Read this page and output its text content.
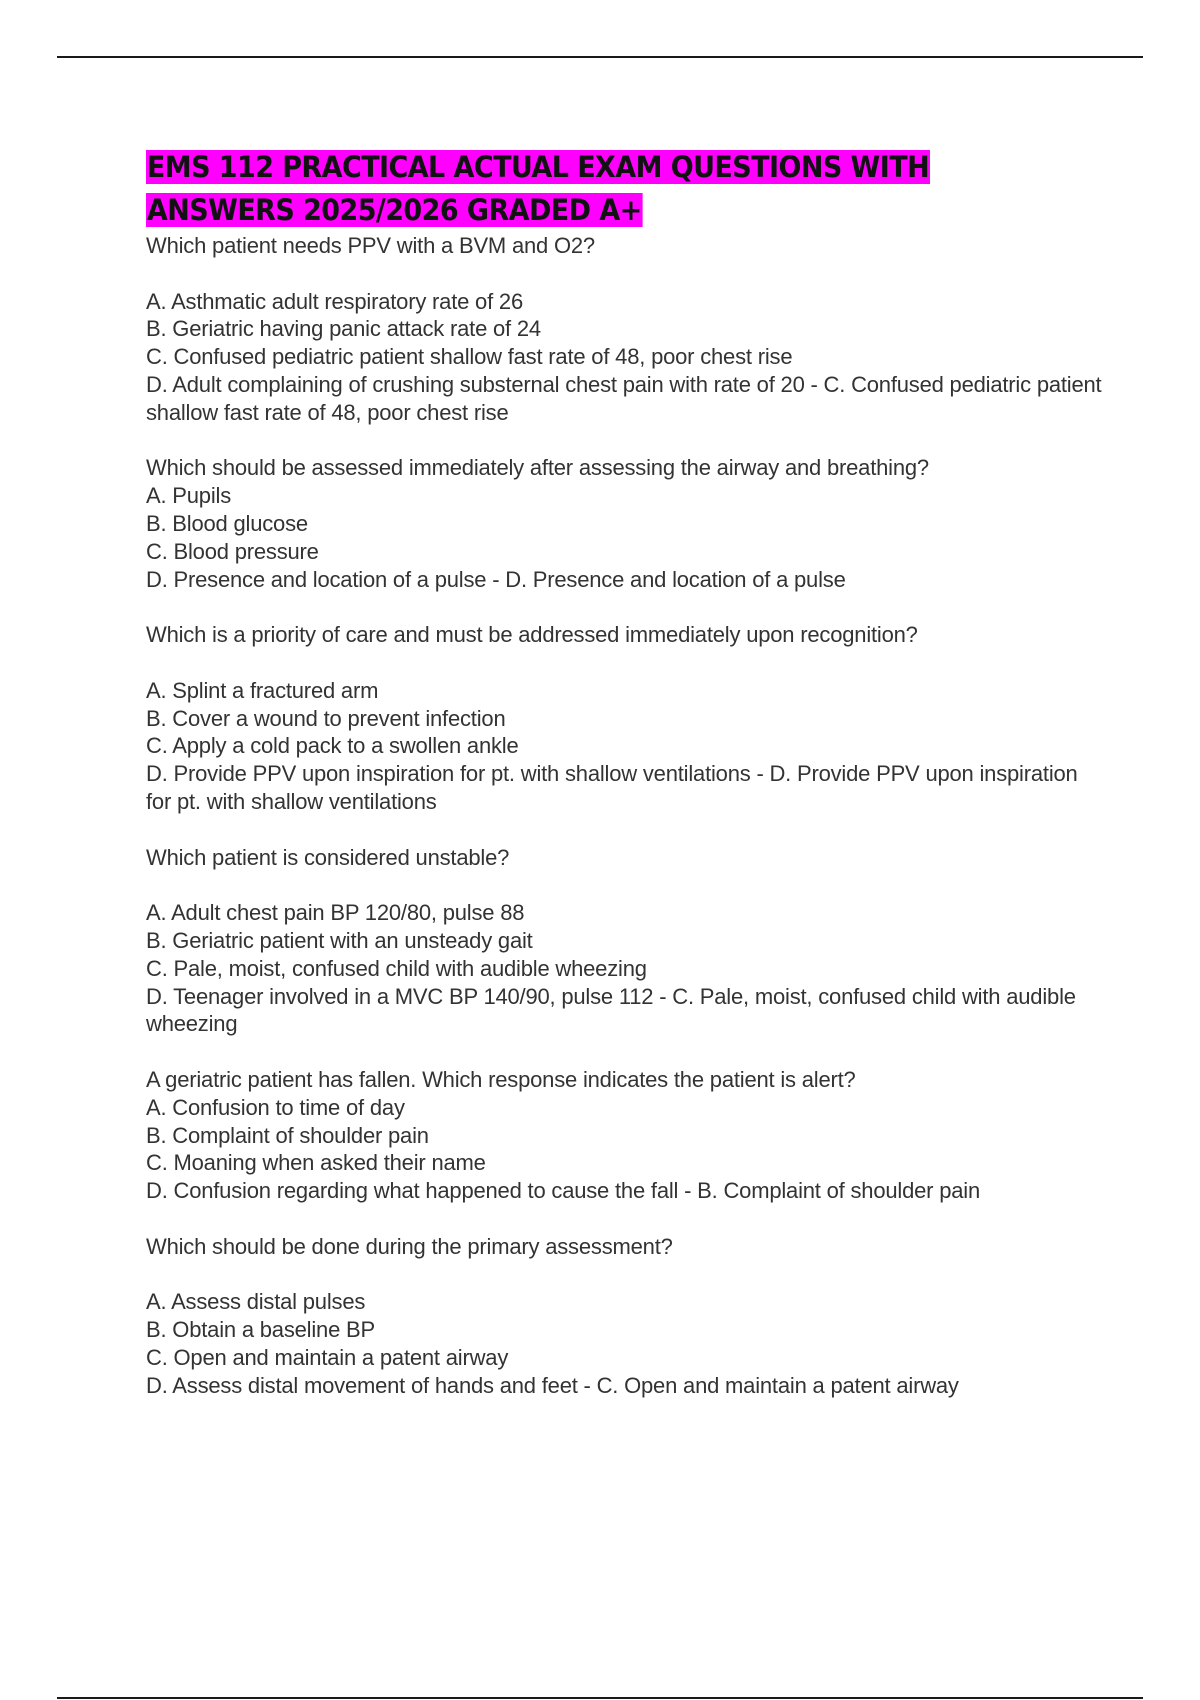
EMS 112 PRACTICAL ACTUAL EXAM QUESTIONS WITH
ANSWERS 2025/2026 GRADED A+

Which patient needs PPV with a BVM and O2?

A. Asthmatic adult respiratory rate of 26

B. Geriatric having panic attack rate of 24

C. Confused pediatric patient shallow fast rate of 48, poor chest rise

D. Adult complaining of crushing substernal chest pain with rate of 20 - C. Confused pediatric patient shallow fast rate of 48, poor chest rise

Which should be assessed immediately after assessing the airway and breathing?

A. Pupils

B. Blood glucose

C. Blood pressure

D. Presence and location of a pulse - D. Presence and location of a pulse

Which is a priority of care and must be addressed immediately upon recognition?

A. Splint a fractured arm

B. Cover a wound to prevent infection

C. Apply a cold pack to a swollen ankle

D. Provide PPV upon inspiration for pt. with shallow ventilations - D. Provide PPV upon inspiration for pt. with shallow ventilations

Which patient is considered unstable?

A. Adult chest pain BP 120/80, pulse 88

B. Geriatric patient with an unsteady gait

C. Pale, moist, confused child with audible wheezing

D. Teenager involved in a MVC BP 140/90, pulse 112 - C. Pale, moist, confused child with audible wheezing

A geriatric patient has fallen. Which response indicates the patient is alert?

A. Confusion to time of day

B. Complaint of shoulder pain

C. Moaning when asked their name

D. Confusion regarding what happened to cause the fall - B. Complaint of shoulder pain

Which should be done during the primary assessment?

A. Assess distal pulses

B. Obtain a baseline BP

C. Open and maintain a patent airway

D. Assess distal movement of hands and feet - C. Open and maintain a patent airway
